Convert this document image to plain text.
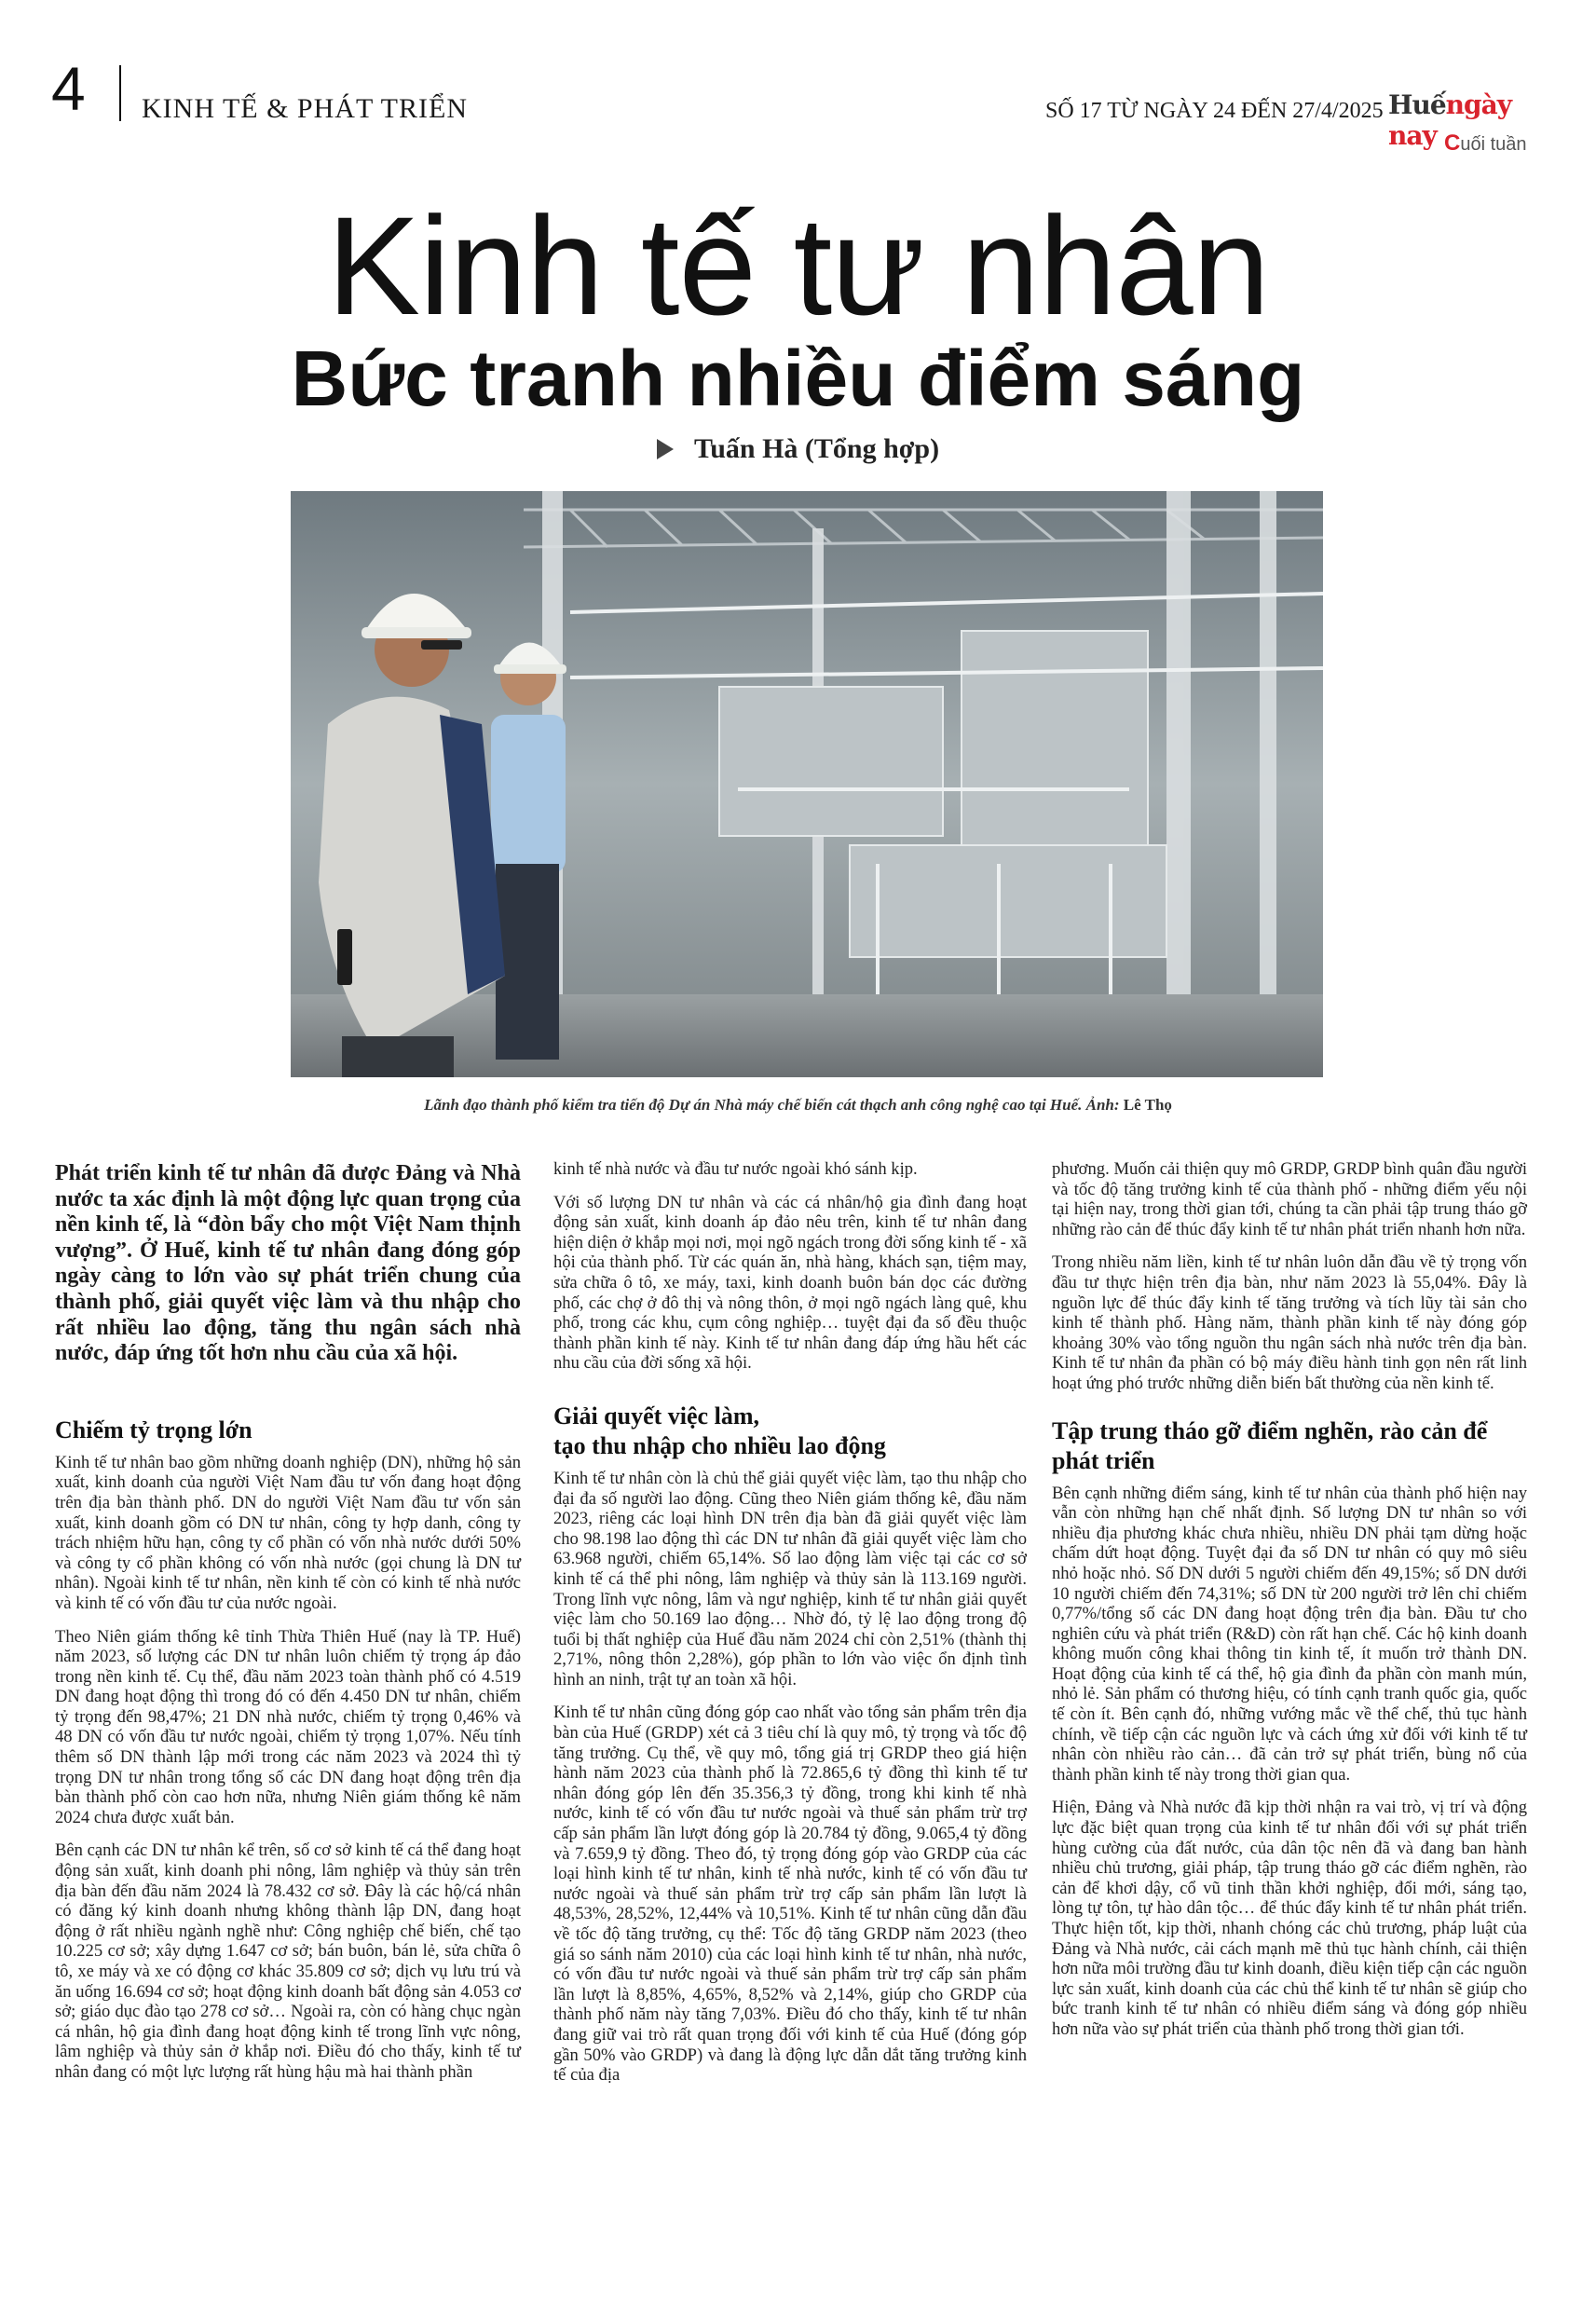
4 KINH TẾ & PHÁT TRIỂN	SỐ 17 TỪ NGÀY 24 ĐẾN 27/4/2025 Huếngày nay Cuối tuần
Kinh tế tư nhân
Bức tranh nhiều điểm sáng
Tuấn Hà (Tổng hợp)
Lãnh đạo thành phố kiểm tra tiến độ Dự án Nhà máy chế biến cát thạch anh công nghệ cao tại Huế. Ảnh: Lê Thọ

Phát triển kinh tế tư nhân đã được Đảng và Nhà nước ta xác định là một động lực quan trọng của nền kinh tế, là “đòn bẩy cho một Việt Nam thịnh vượng”. Ở Huế, kinh tế tư nhân đang đóng góp ngày càng to lớn vào sự phát triển chung của thành phố, giải quyết việc làm và thu nhập cho rất nhiều lao động, tăng thu ngân sách nhà nước, đáp ứng tốt hơn nhu cầu của xã hội.

Chiếm tỷ trọng lớn

Kinh tế tư nhân bao gồm những doanh nghiệp (DN), những hộ sản xuất, kinh doanh của người Việt Nam đầu tư vốn đang hoạt động trên địa bàn thành phố. DN do người Việt Nam đầu tư vốn sản xuất, kinh doanh gồm có DN tư nhân, công ty hợp danh, công ty trách nhiệm hữu hạn, công ty cổ phần có vốn nhà nước dưới 50% và công ty cổ phần không có vốn nhà nước (gọi chung là DN tư nhân). Ngoài kinh tế tư nhân, nền kinh tế còn có kinh tế nhà nước và kinh tế có vốn đầu tư của nước ngoài.

Theo Niên giám thống kê tỉnh Thừa Thiên Huế (nay là TP. Huế) năm 2023, số lượng các DN tư nhân luôn chiếm tỷ trọng áp đảo trong nền kinh tế. Cụ thể, đầu năm 2023 toàn thành phố có 4.519 DN đang hoạt động thì trong đó có đến 4.450 DN tư nhân, chiếm tỷ trọng đến 98,47%; 21 DN nhà nước, chiếm tỷ trọng 0,46% và 48 DN có vốn đầu tư nước ngoài, chiếm tỷ trọng 1,07%. Nếu tính thêm số DN thành lập mới trong các năm 2023 và 2024 thì tỷ trọng DN tư nhân trong tổng số các DN đang hoạt động trên địa bàn thành phố còn cao hơn nữa, nhưng Niên giám thống kê năm 2024 chưa được xuất bản.

Bên cạnh các DN tư nhân kể trên, số cơ sở kinh tế cá thể đang hoạt động sản xuất, kinh doanh phi nông, lâm nghiệp và thủy sản trên địa bàn đến đầu năm 2024 là 78.432 cơ sở. Đây là các hộ/cá nhân có đăng ký kinh doanh nhưng không thành lập DN, đang hoạt động ở rất nhiều ngành nghề như: Công nghiệp chế biến, chế tạo 10.225 cơ sở; xây dựng 1.647 cơ sở; bán buôn, bán lẻ, sửa chữa ô tô, xe máy và xe có động cơ khác 35.809 cơ sở; dịch vụ lưu trú và ăn uống 16.694 cơ sở; hoạt động kinh doanh bất động sản 4.053 cơ sở; giáo dục đào tạo 278 cơ sở… Ngoài ra, còn có hàng chục ngàn cá nhân, hộ gia đình đang hoạt động kinh tế trong lĩnh vực nông, lâm nghiệp và thủy sản ở khắp nơi. Điều đó cho thấy, kinh tế tư nhân đang có một lực lượng rất hùng hậu mà hai thành phần

kinh tế nhà nước và đầu tư nước ngoài khó sánh kịp.

Với số lượng DN tư nhân và các cá nhân/hộ gia đình đang hoạt động sản xuất, kinh doanh áp đảo nêu trên, kinh tế tư nhân đang hiện diện ở khắp mọi nơi, mọi ngõ ngách trong đời sống kinh tế - xã hội của thành phố. Từ các quán ăn, nhà hàng, khách sạn, tiệm may, sửa chữa ô tô, xe máy, taxi, kinh doanh buôn bán dọc các đường phố, các chợ ở đô thị và nông thôn, ở mọi ngõ ngách làng quê, khu phố, trong các khu, cụm công nghiệp… tuyệt đại đa số đều thuộc thành phần kinh tế này. Kinh tế tư nhân đang đáp ứng hầu hết các nhu cầu của đời sống xã hội.

Giải quyết việc làm,
tạo thu nhập cho nhiều lao động

Kinh tế tư nhân còn là chủ thể giải quyết việc làm, tạo thu nhập cho đại đa số người lao động. Cũng theo Niên giám thống kê, đầu năm 2023, riêng các loại hình DN trên địa bàn đã giải quyết việc làm cho 98.198 lao động thì các DN tư nhân đã giải quyết việc làm cho 63.968 người, chiếm 65,14%. Số lao động làm việc tại các cơ sở kinh tế cá thể phi nông, lâm nghiệp và thủy sản là 113.169 người. Trong lĩnh vực nông, lâm và ngư nghiệp, kinh tế tư nhân giải quyết việc làm cho 50.169 lao động… Nhờ đó, tỷ lệ lao động trong độ tuổi bị thất nghiệp của Huế đầu năm 2024 chỉ còn 2,51% (thành thị 2,71%, nông thôn 2,28%), góp phần to lớn vào việc ổn định tình hình an ninh, trật tự an toàn xã hội.

Kinh tế tư nhân cũng đóng góp cao nhất vào tổng sản phẩm trên địa bàn của Huế (GRDP) xét cả 3 tiêu chí là quy mô, tỷ trọng và tốc độ tăng trưởng. Cụ thể, về quy mô, tổng giá trị GRDP theo giá hiện hành năm 2023 của thành phố là 72.865,6 tỷ đồng thì kinh tế tư nhân đóng góp lên đến 35.356,3 tỷ đồng, trong khi kinh tế nhà nước, kinh tế có vốn đầu tư nước ngoài và thuế sản phẩm trừ trợ cấp sản phẩm lần lượt đóng góp là 20.784 tỷ đồng, 9.065,4 tỷ đồng và 7.659,9 tỷ đồng. Theo đó, tỷ trọng đóng góp vào GRDP của các loại hình kinh tế tư nhân, kinh tế nhà nước, kinh tế có vốn đầu tư nước ngoài và thuế sản phẩm trừ trợ cấp sản phẩm lần lượt là 48,53%, 28,52%, 12,44% và 10,51%. Kinh tế tư nhân cũng dẫn đầu về tốc độ tăng trưởng, cụ thể: Tốc độ tăng GRDP năm 2023 (theo giá so sánh năm 2010) của các loại hình kinh tế tư nhân, nhà nước, có vốn đầu tư nước ngoài và thuế sản phẩm trừ trợ cấp sản phẩm lần lượt là 8,85%, 4,65%, 8,52% và 2,14%, giúp cho GRDP của thành phố năm này tăng 7,03%. Điều đó cho thấy, kinh tế tư nhân đang giữ vai trò rất quan trọng đối với kinh tế của Huế (đóng góp gần 50% vào GRDP) và đang là động lực dẫn dắt tăng trưởng kinh tế của địa

phương. Muốn cải thiện quy mô GRDP, GRDP bình quân đầu người và tốc độ tăng trưởng kinh tế của thành phố - những điểm yếu nội tại hiện nay, trong thời gian tới, chúng ta cần phải tập trung tháo gỡ những rào cản để thúc đẩy kinh tế tư nhân phát triển nhanh hơn nữa.

Trong nhiều năm liền, kinh tế tư nhân luôn dẫn đầu về tỷ trọng vốn đầu tư thực hiện trên địa bàn, như năm 2023 là 55,04%. Đây là nguồn lực để thúc đẩy kinh tế tăng trưởng và tích lũy tài sản cho kinh tế thành phố. Hàng năm, thành phần kinh tế này đóng góp khoảng 30% vào tổng nguồn thu ngân sách nhà nước trên địa bàn. Kinh tế tư nhân đa phần có bộ máy điều hành tinh gọn nên rất linh hoạt ứng phó trước những diễn biến bất thường của nền kinh tế.

Tập trung tháo gỡ điểm nghẽn, rào cản để phát triển

Bên cạnh những điểm sáng, kinh tế tư nhân của thành phố hiện nay vẫn còn những hạn chế nhất định. Số lượng DN tư nhân so với nhiều địa phương khác chưa nhiều, nhiều DN phải tạm dừng hoặc chấm dứt hoạt động. Tuyệt đại đa số DN tư nhân có quy mô siêu nhỏ hoặc nhỏ. Số DN dưới 5 người chiếm đến 49,15%; số DN dưới 10 người chiếm đến 74,31%; số DN từ 200 người trở lên chỉ chiếm 0,77%/tổng số các DN đang hoạt động trên địa bàn. Đầu tư cho nghiên cứu và phát triển (R&D) còn rất hạn chế. Các hộ kinh doanh không muốn công khai thông tin kinh tế, ít muốn trở thành DN. Hoạt động của kinh tế cá thể, hộ gia đình đa phần còn manh mún, nhỏ lẻ. Sản phẩm có thương hiệu, có tính cạnh tranh quốc gia, quốc tế còn ít. Bên cạnh đó, những vướng mắc về thể chế, thủ tục hành chính, về tiếp cận các nguồn lực và cách ứng xử đối với kinh tế tư nhân còn nhiều rào cản… đã cản trở sự phát triển, bùng nổ của thành phần kinh tế này trong thời gian qua.

Hiện, Đảng và Nhà nước đã kịp thời nhận ra vai trò, vị trí và động lực đặc biệt quan trọng của kinh tế tư nhân đối với sự phát triển hùng cường của đất nước, của dân tộc nên đã và đang ban hành nhiều chủ trương, giải pháp, tập trung tháo gỡ các điểm nghẽn, rào cản để khơi dậy, cổ vũ tinh thần khởi nghiệp, đổi mới, sáng tạo, lòng tự tôn, tự hào dân tộc… để thúc đẩy kinh tế tư nhân phát triển. Thực hiện tốt, kịp thời, nhanh chóng các chủ trương, pháp luật của Đảng và Nhà nước, cải cách mạnh mẽ thủ tục hành chính, cải thiện hơn nữa môi trường đầu tư kinh doanh, điều kiện tiếp cận các nguồn lực sản xuất, kinh doanh của các chủ thể kinh tế tư nhân sẽ giúp cho bức tranh kinh tế tư nhân có nhiều điểm sáng và đóng góp nhiều hơn nữa vào sự phát triển của thành phố trong thời gian tới.
